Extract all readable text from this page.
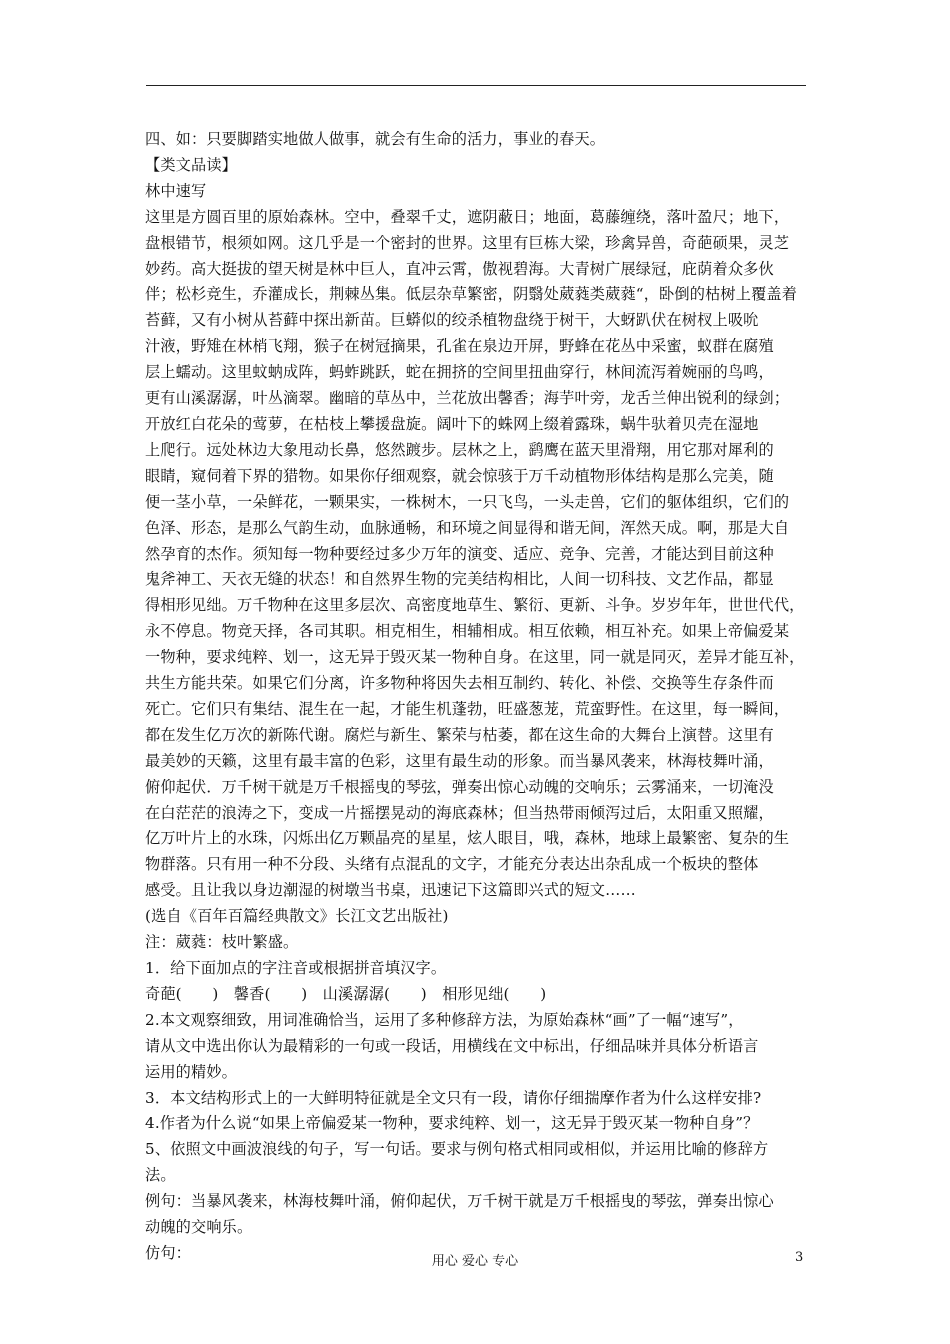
四、如：只要脚踏实地做人做事，就会有生命的活力，事业的春天。
【类文品读】
林中速写
这里是方圆百里的原始森林。空中，叠翠千丈，遮阴蔽日；地面，葛藤缠绕，落叶盈尺；地下，
盘根错节，根须如网。这几乎是一个密封的世界。这里有巨栋大梁，珍禽异兽，奇葩硕果，灵芝
妙药。高大挺拔的望天树是林中巨人，直冲云霄，傲视碧海。大青树广展绿冠，庇荫着众多伙
伴；松杉竞生，乔灌成长，荆棘丛集。低层杂草繁密，阴翳处葳蕤类葳蕤“，卧倒的枯树上覆盖着
苔藓，又有小树从苔藓中探出新苗。巨蟒似的绞杀植物盘绕于树干，大蚜趴伏在树杈上吸吮
汁液，野雉在林梢飞翔，猴子在树冠摘果，孔雀在泉边开屏，野蜂在花丛中采蜜，蚁群在腐殖
层上蠕动。这里蚊蚋成阵，蚂蚱跳跃，蛇在拥挤的空间里扭曲穿行，林间流泻着婉丽的鸟鸣，
更有山溪潺潺，叶丛滴翠。幽暗的草丛中，兰花放出馨香；海芋叶旁，龙舌兰伸出锐利的绿剑；
开放红白花朵的莺萝，在枯枝上攀援盘旋。阔叶下的蛛网上缀着露珠，蜗牛驮着贝壳在湿地
上爬行。远处林边大象甩动长鼻，悠然踱步。层林之上，鹞鹰在蓝天里滑翔，用它那对犀利的
眼睛，窥伺着下界的猎物。如果你仔细观察，就会惊骇于万千动植物形体结构是那么完美，随
便一茎小草，一朵鲜花，一颗果实，一株树木，一只飞鸟，一头走兽，它们的躯体组织，它们的
色泽、形态，是那么气韵生动，血脉通畅，和环境之间显得和谐无间，浑然天成。啊，那是大自
然孕育的杰作。须知每一物种要经过多少万年的演变、适应、竞争、完善，才能达到目前这种
鬼斧神工、天衣无缝的状态！和自然界生物的完美结构相比，人间一切科技、文艺作品，都显
得相形见绌。万千物种在这里多层次、高密度地草生、繁衍、更新、斗争。岁岁年年，世世代代，
永不停息。物竞天择，各司其职。相克相生，相辅相成。相互依赖，相互补充。如果上帝偏爱某
一物种，要求纯粹、划一，这无异于毁灭某一物种自身。在这里，同一就是同灭，差异才能互补，
共生方能共荣。如果它们分离，许多物种将因失去相互制约、转化、补偿、交换等生存条件而
死亡。它们只有集结、混生在一起，才能生机蓬勃，旺盛葱茏，荒蛮野性。在这里，每一瞬间，
都在发生亿万次的新陈代谢。腐烂与新生、繁荣与枯萎，都在这生命的大舞台上演替。这里有
最美妙的天籁，这里有最丰富的色彩，这里有最生动的形象。而当暴风袭来，林海枝舞叶涌，
俯仰起伏．万千树干就是万千根摇曳的琴弦，弹奏出惊心动魄的交响乐；云雾涌来，一切淹没
在白茫茫的浪涛之下，变成一片摇摆晃动的海底森林；但当热带雨倾泻过后，太阳重又照耀，
亿万叶片上的水珠，闪烁出亿万颗晶亮的星星，炫人眼目，哦，森林，地球上最繁密、复杂的生
物群落。只有用一种不分段、头绪有点混乱的文字，才能充分表达出杂乱成一个板块的整体
感受。且让我以身边潮湿的树墩当书桌，迅速记下这篇即兴式的短文……
(选自《百年百篇经典散文》长江文艺出版社)
注：葳蕤：枝叶繁盛。
1．给下面加点的字注音或根据拼音填汉字。
奇葩(　　)　馨香(　　)　山溪潺潺(　　)　相形见绌(　　)
2.本文观察细致，用词准确恰当，运用了多种修辞方法，为原始森林“画”了一幅“速写”，
请从文中选出你认为最精彩的一句或一段话，用横线在文中标出，仔细品味并具体分析语言
运用的精妙。
3．本文结构形式上的一大鲜明特征就是全文只有一段，请你仔细揣摩作者为什么这样安排?
4.作者为什么说“如果上帝偏爱某一物种，要求纯粹、划一，这无异于毁灭某一物种自身”？
5、依照文中画波浪线的句子，写一句话。要求与例句格式相同或相似，并运用比喻的修辞方
法。
例句：当暴风袭来，林海枝舞叶涌，俯仰起伏，万千树干就是万千根摇曳的琴弦，弹奏出惊心
动魄的交响乐。
仿句：	用心 爱心 专心	3
